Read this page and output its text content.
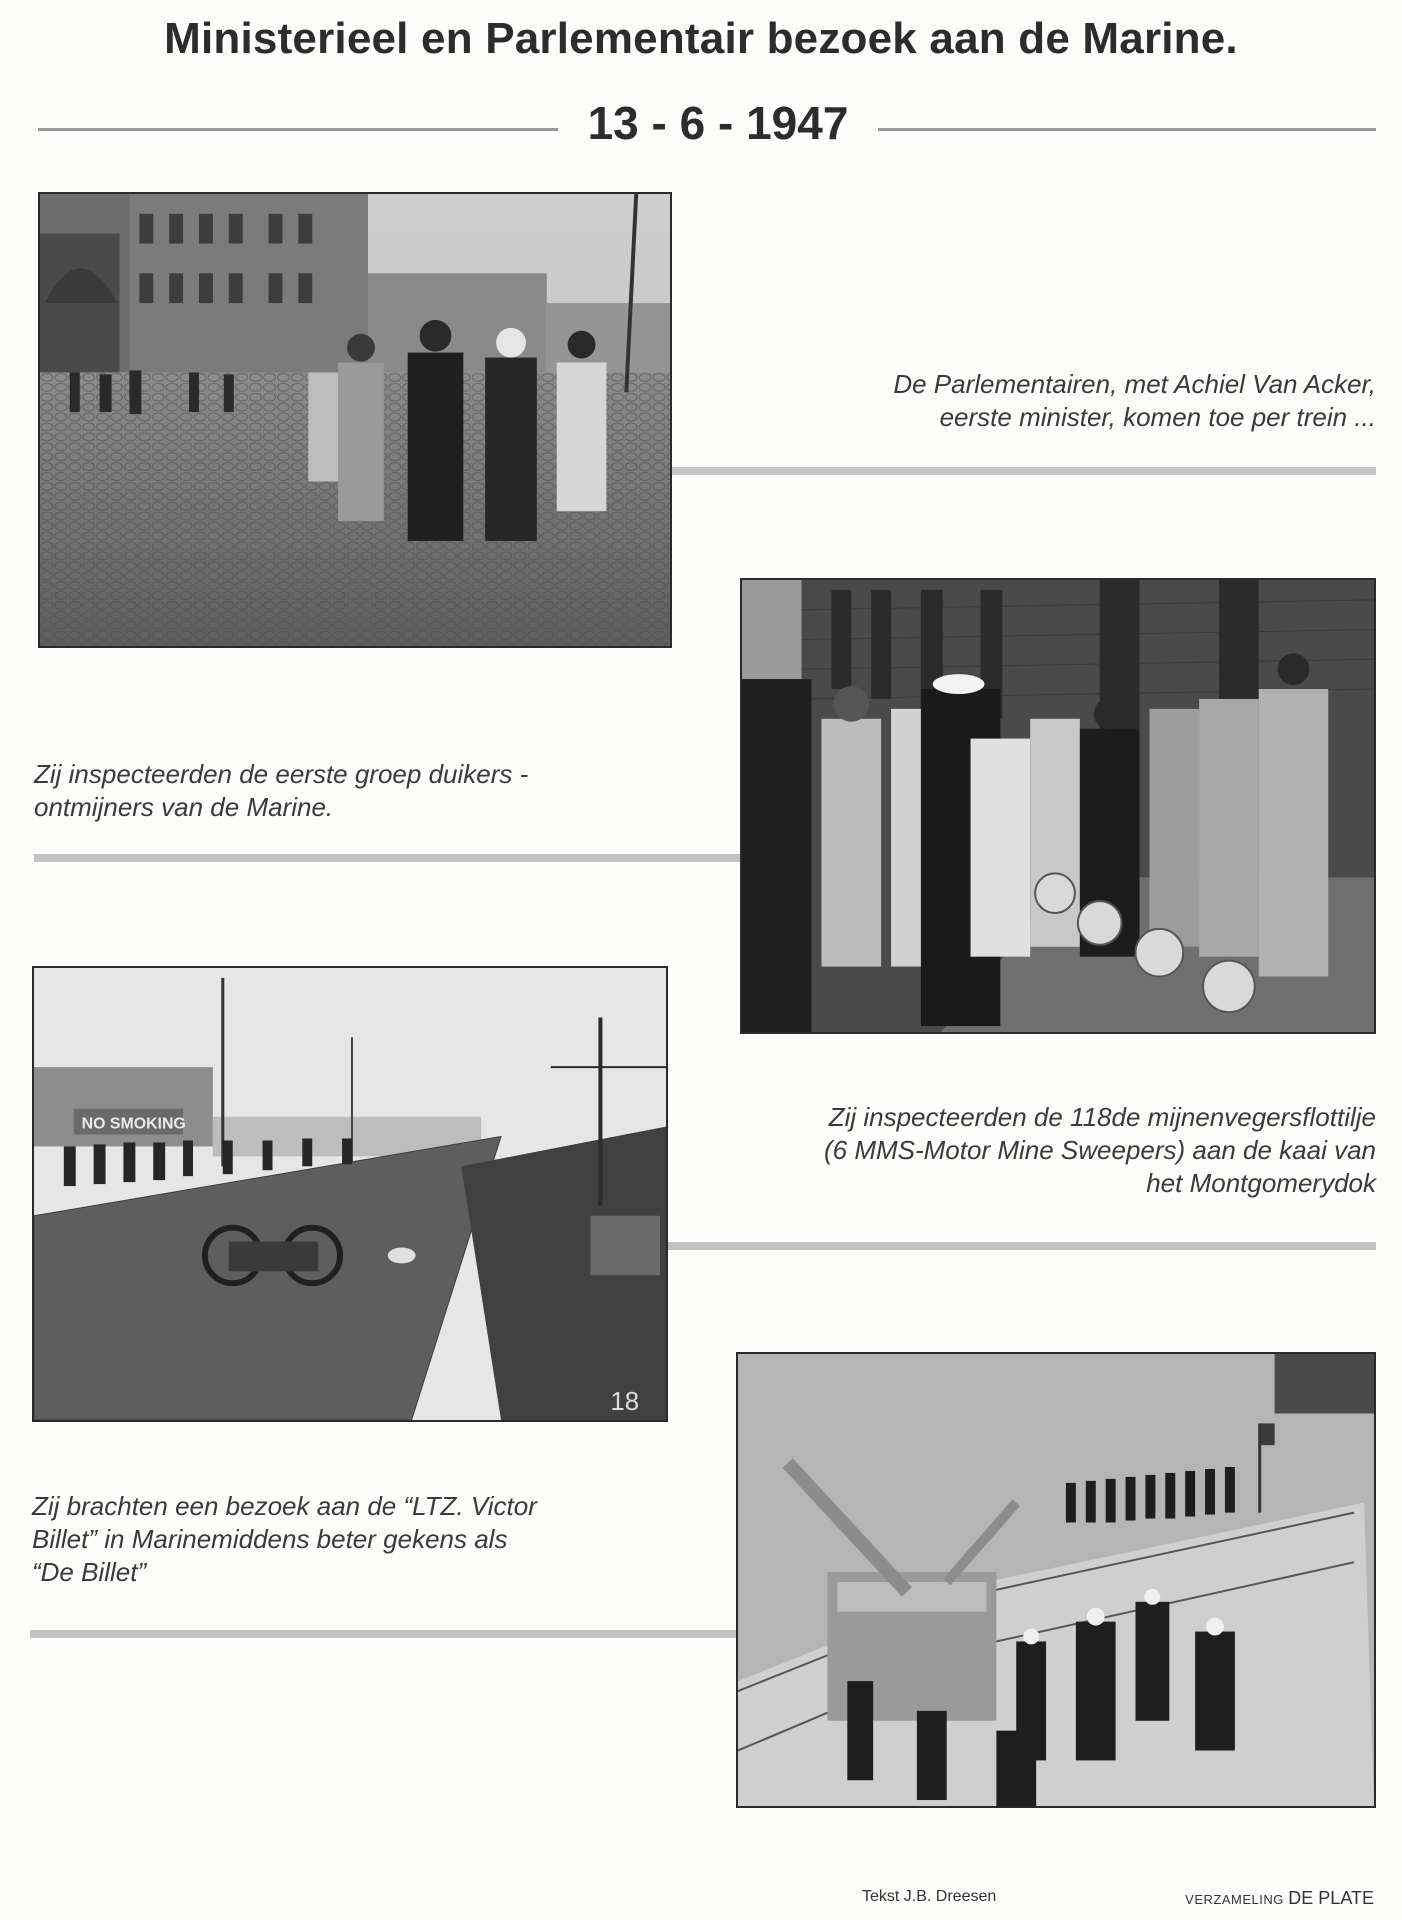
Ministerieel en Parlementair bezoek aan de Marine.
13 - 6 - 1947
De Parlementairen, met Achiel Van Acker,
eerste minister, komen toe per trein ...
Zij inspecteerden de eerste groep duikers -
ontmijners van de Marine.
NO SMOKING
18
Zij inspecteerden de 118de mijnenvegersflottilje
(6 MMS-Motor Mine Sweepers) aan de kaai van
het Montgomerydok
Zij brachten een bezoek aan de “LTZ. Victor
Billet” in Marinemiddens beter gekens als
“De Billet”
Tekst J.B. Dreesen	VERZAMELING DE PLATE
